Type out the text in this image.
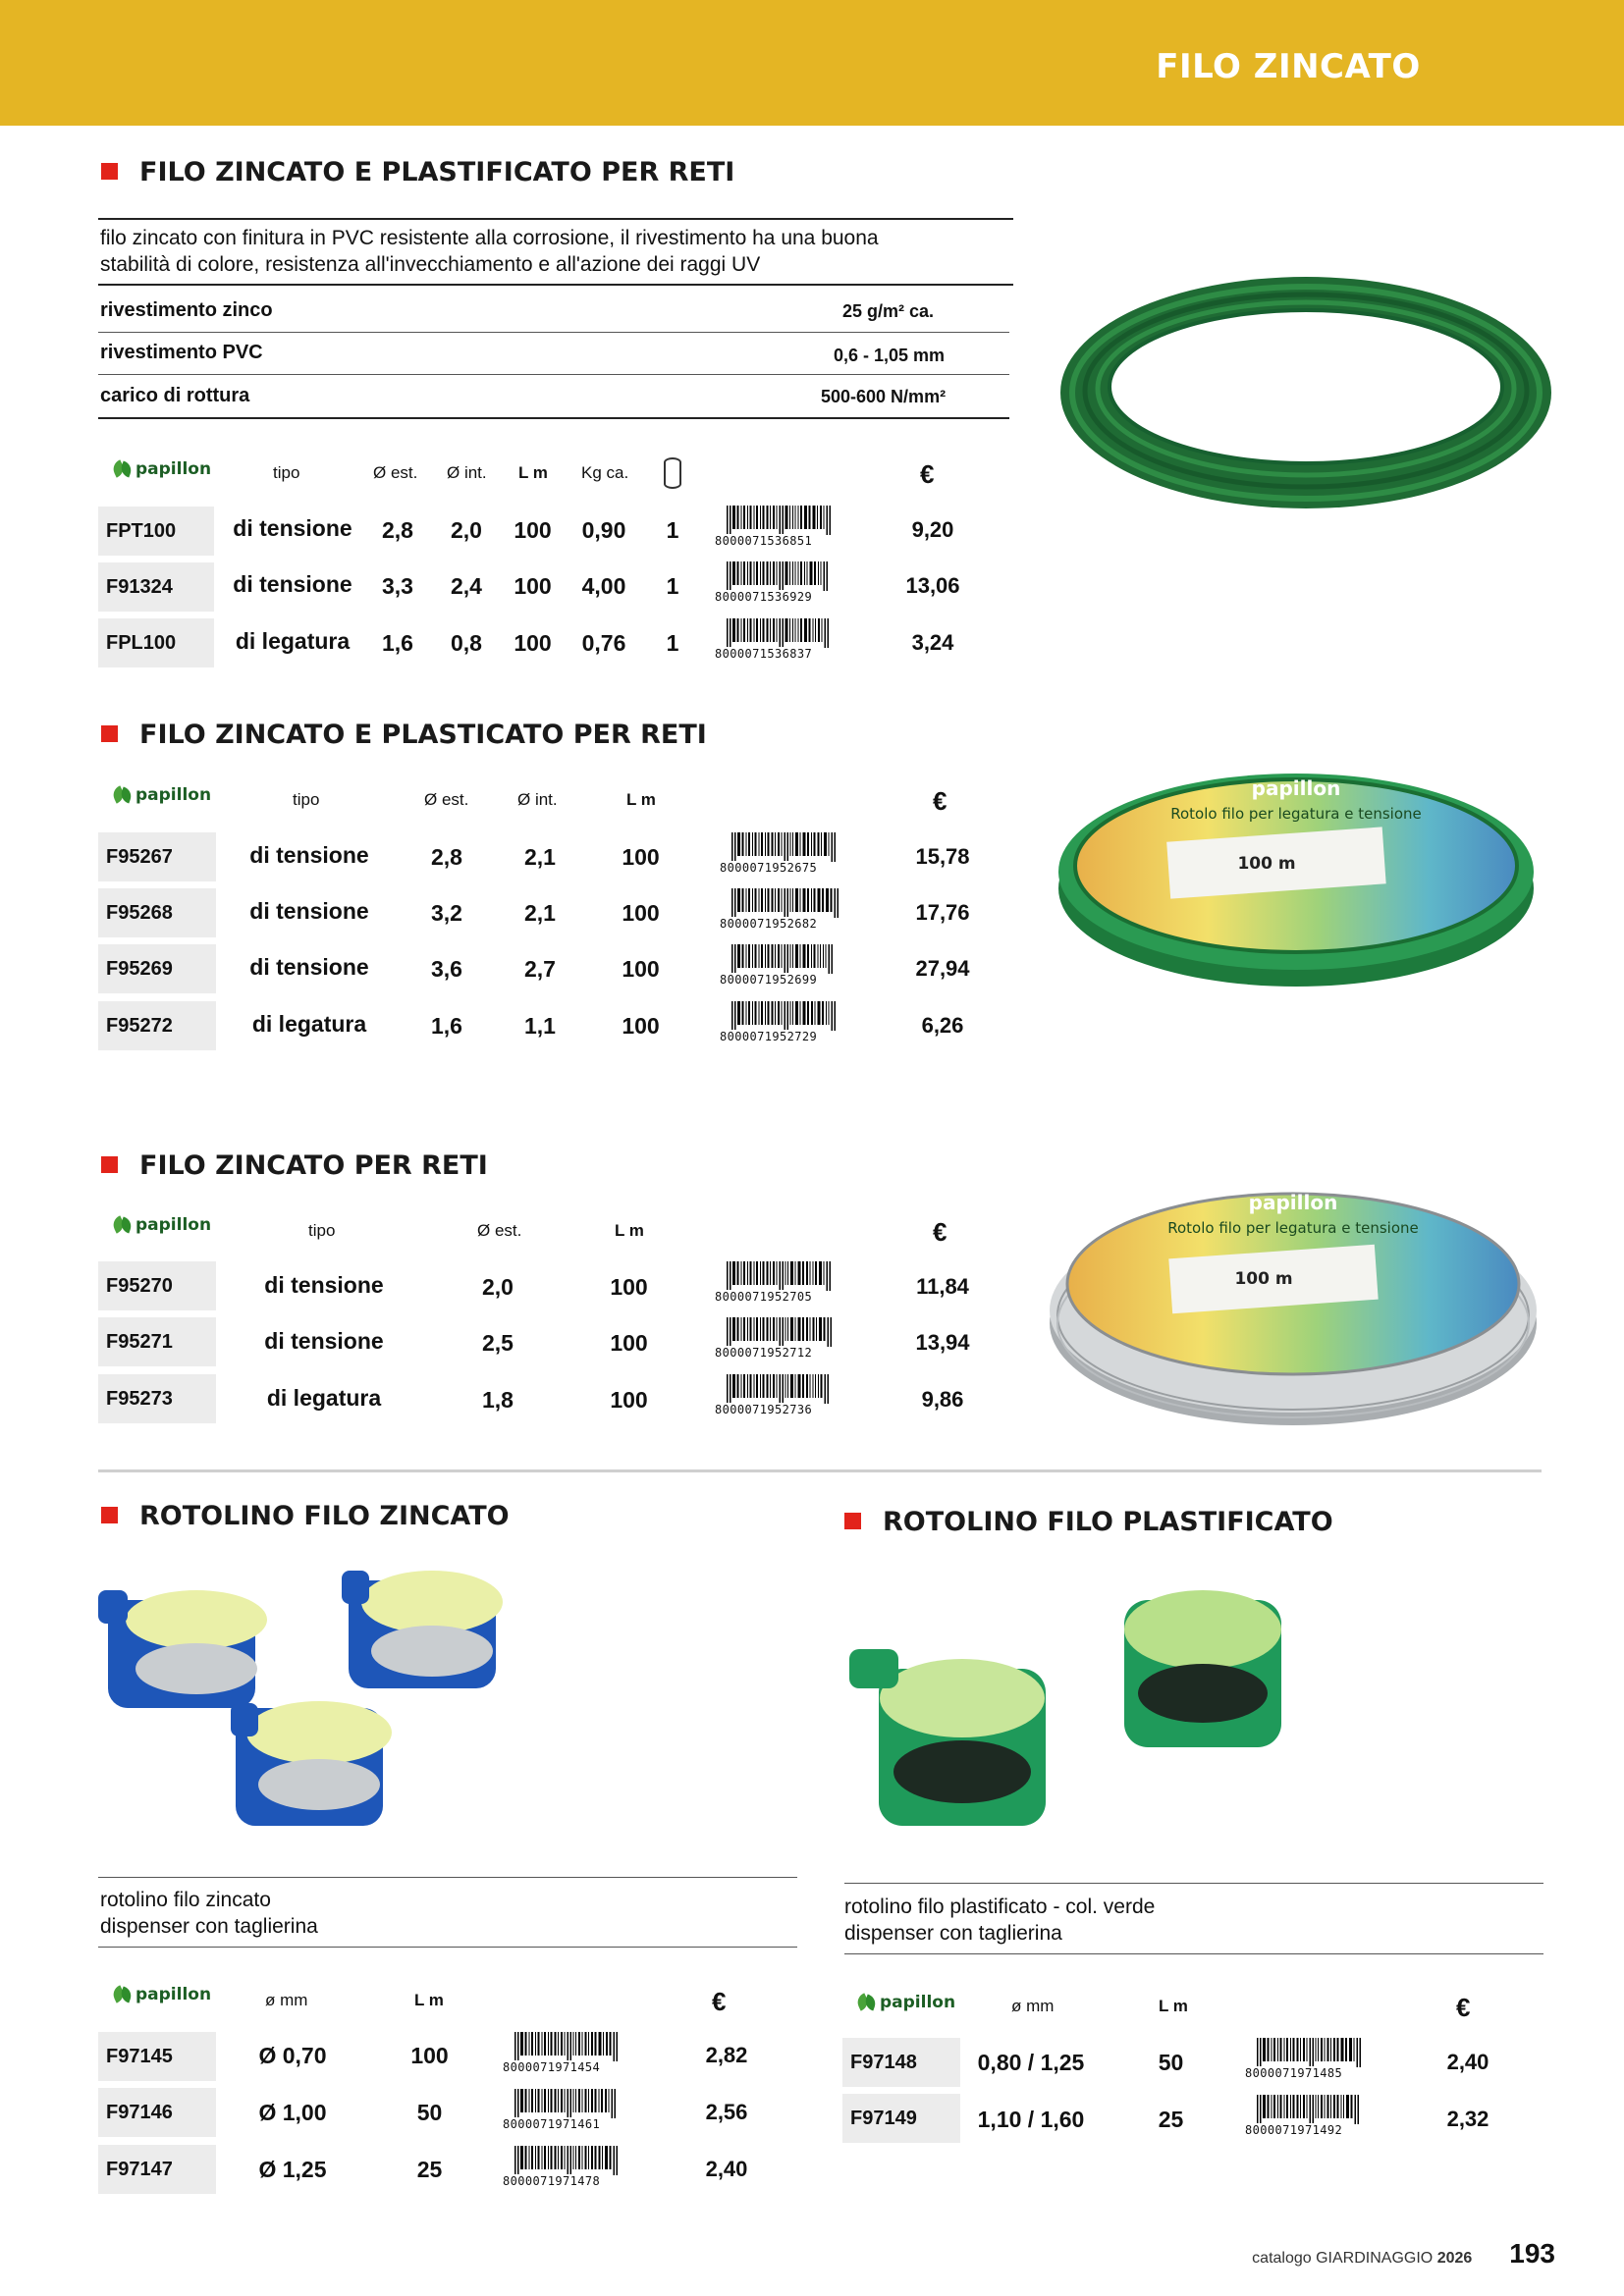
FILO ZINCATO
FILO ZINCATO E PLASTIFICATO PER RETI
filo zincato con finitura in PVC resistente alla corrosione, il rivestimento ha una buona
stabilità di colore, resistenza all'invecchiamento e all'azione dei raggi UV
rivestimento zinco	25 g/m² ca.
rivestimento PVC	0,6 - 1,05 mm
carico di rottura	500-600 N/mm²
papillon	tipo	Ø est. Ø int. L m Kg ca.	€
FPT100	di tensione	2,8	2,0	100	0,90	1	8000071536851	9,20
F91324	di tensione	3,3	2,4	100	4,00	1	8000071536929	13,06
FPL100	di legatura	1,6	0,8	100	0,76	1	8000071536837	3,24
FILO ZINCATO E PLASTICATO PER RETI
papillon	tipo	Ø est.	Ø int.	L m	€
F95267	di tensione	2,8	2,1	100	8000071952675	15,78
F95268	di tensione	3,2	2,1	100	8000071952682	17,76
F95269	di tensione	3,6	2,7	100	8000071952699	27,94
F95272	di legatura	1,6	1,1	100	8000071952729	6,26
papillon
Rotolo filo per legatura e tensione
100 m
FILO ZINCATO PER RETI
papillon	tipo	Ø est.	L m	€
F95270	di tensione	2,0	100	8000071952705	11,84
F95271	di tensione	2,5	100	8000071952712	13,94
F95273	di legatura	1,8	100	8000071952736	9,86
papillon
Rotolo filo per legatura e tensione
100 m
ROTOLINO FILO ZINCATO
rotolino filo zincato
dispenser con taglierina
papillon	ø mm	L m	€
F97145	Ø 0,70	100	8000071971454	2,82
F97146	Ø 1,00	50	8000071971461	2,56
F97147	Ø 1,25	25	8000071971478	2,40
ROTOLINO FILO PLASTIFICATO
rotolino filo plastificato - col. verde
dispenser con taglierina
papillon	ø mm	L m	€
F97148	0,80 / 1,25	50	8000071971485	2,40
F97149	1,10 / 1,60	25	8000071971492	2,32
catalogo GIARDINAGGIO 2026 193
